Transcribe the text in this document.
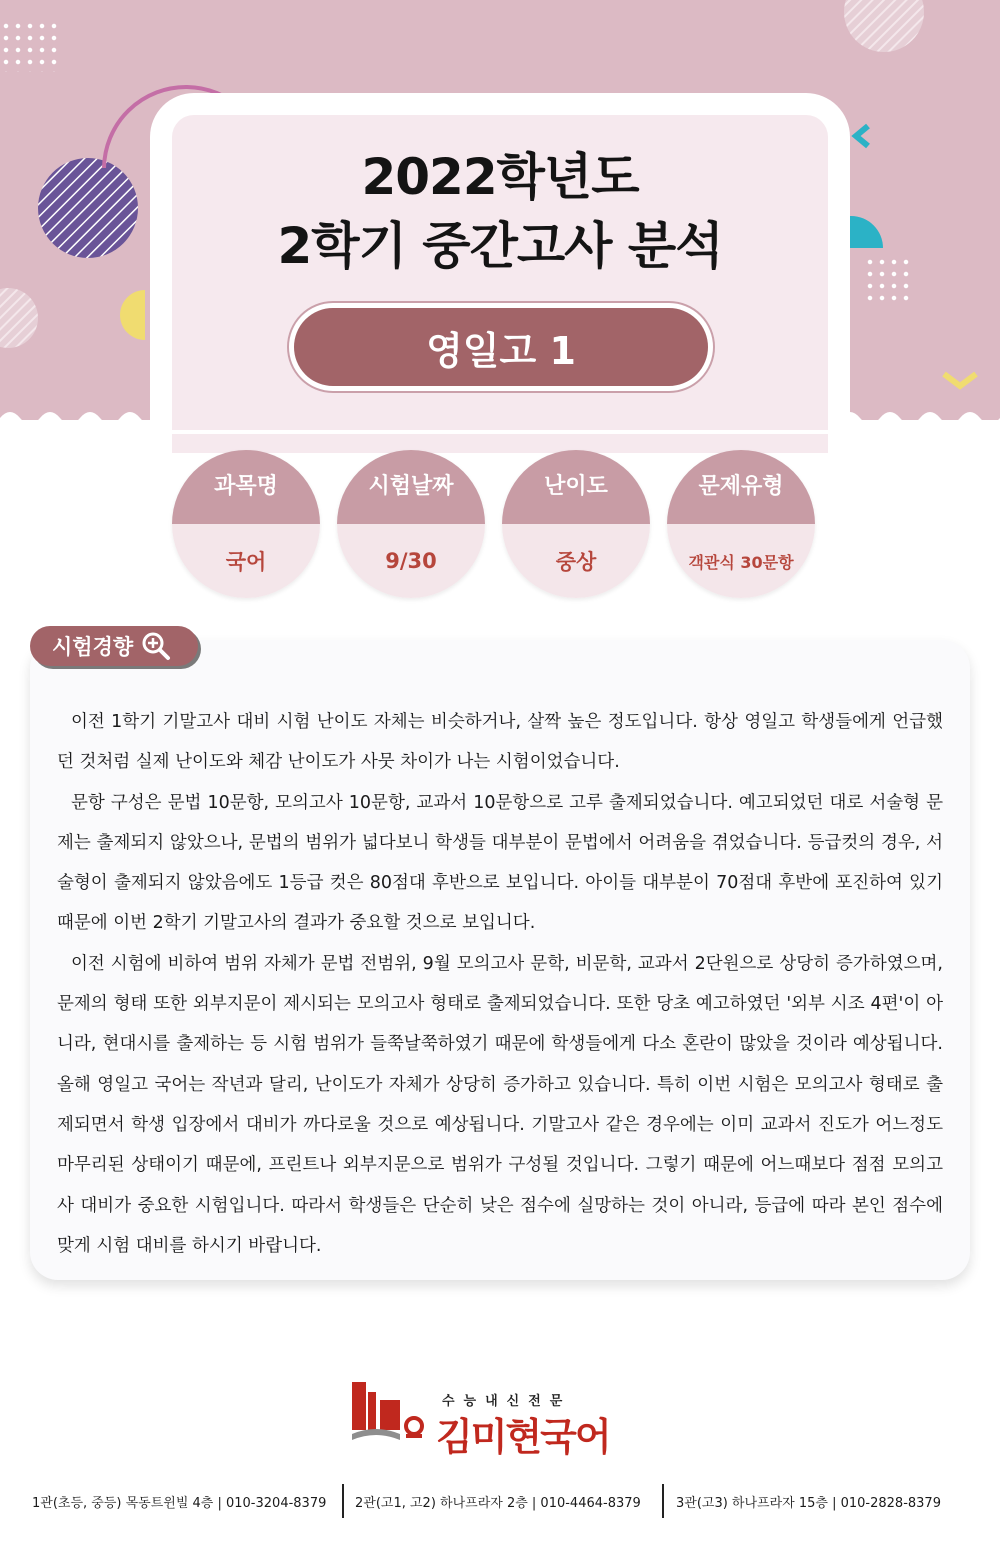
2022학년도
2학기 중간고사 분석
영일고 1
과목명
국어
시험날짜
9/30
난이도
중상
문제유형
객관식 30문항
시험경향

이전 1학기 기말고사 대비 시험 난이도 자체는 비슷하거나, 살짝 높은 정도입니다. 항상 영일고 학생들에게 언급했던 것처럼 실제 난이도와 체감 난이도가 사뭇 차이가 나는 시험이었습니다.

문항 구성은 문법 10문항, 모의고사 10문항, 교과서 10문항으로 고루 출제되었습니다. 예고되었던 대로 서술형 문제는 출제되지 않았으나, 문법의 범위가 넓다보니 학생들 대부분이 문법에서 어려움을 겪었습니다. 등급컷의 경우, 서술형이 출제되지 않았음에도 1등급 컷은 80점대 후반으로 보입니다. 아이들 대부분이 70점대 후반에 포진하여 있기 때문에 이번 2학기 기말고사의 결과가 중요할 것으로 보입니다.

이전 시험에 비하여 범위 자체가 문법 전범위, 9월 모의고사 문학, 비문학, 교과서 2단원으로 상당히 증가하였으며, 문제의 형태 또한 외부지문이 제시되는 모의고사 형태로 출제되었습니다. 또한 당초 예고하였던 '외부 시조 4편'이 아니라, 현대시를 출제하는 등 시험 범위가 들쭉날쭉하였기 때문에 학생들에게 다소 혼란이 많았을 것이라 예상됩니다. 올해 영일고 국어는 작년과 달리, 난이도가 자체가 상당히 증가하고 있습니다. 특히 이번 시험은 모의고사 형태로 출제되면서 학생 입장에서 대비가 까다로울 것으로 예상됩니다. 기말고사 같은 경우에는 이미 교과서 진도가 어느정도 마무리된 상태이기 때문에, 프린트나 외부지문으로 범위가 구성될 것입니다. 그렇기 때문에 어느때보다 점점 모의고사 대비가 중요한 시험입니다. 따라서 학생들은 단순히 낮은 점수에 실망하는 것이 아니라, 등급에 따라 본인 점수에 맞게 시험 대비를 하시기 바랍니다.

수능내신전문
김미현국어
1관(초등, 중등) 목동트윈빌 4층 | 010-3204-8379 2관(고1, 고2) 하나프라자 2층 | 010-4464-8379	3관(고3) 하나프라자 15층 | 010-2828-8379
